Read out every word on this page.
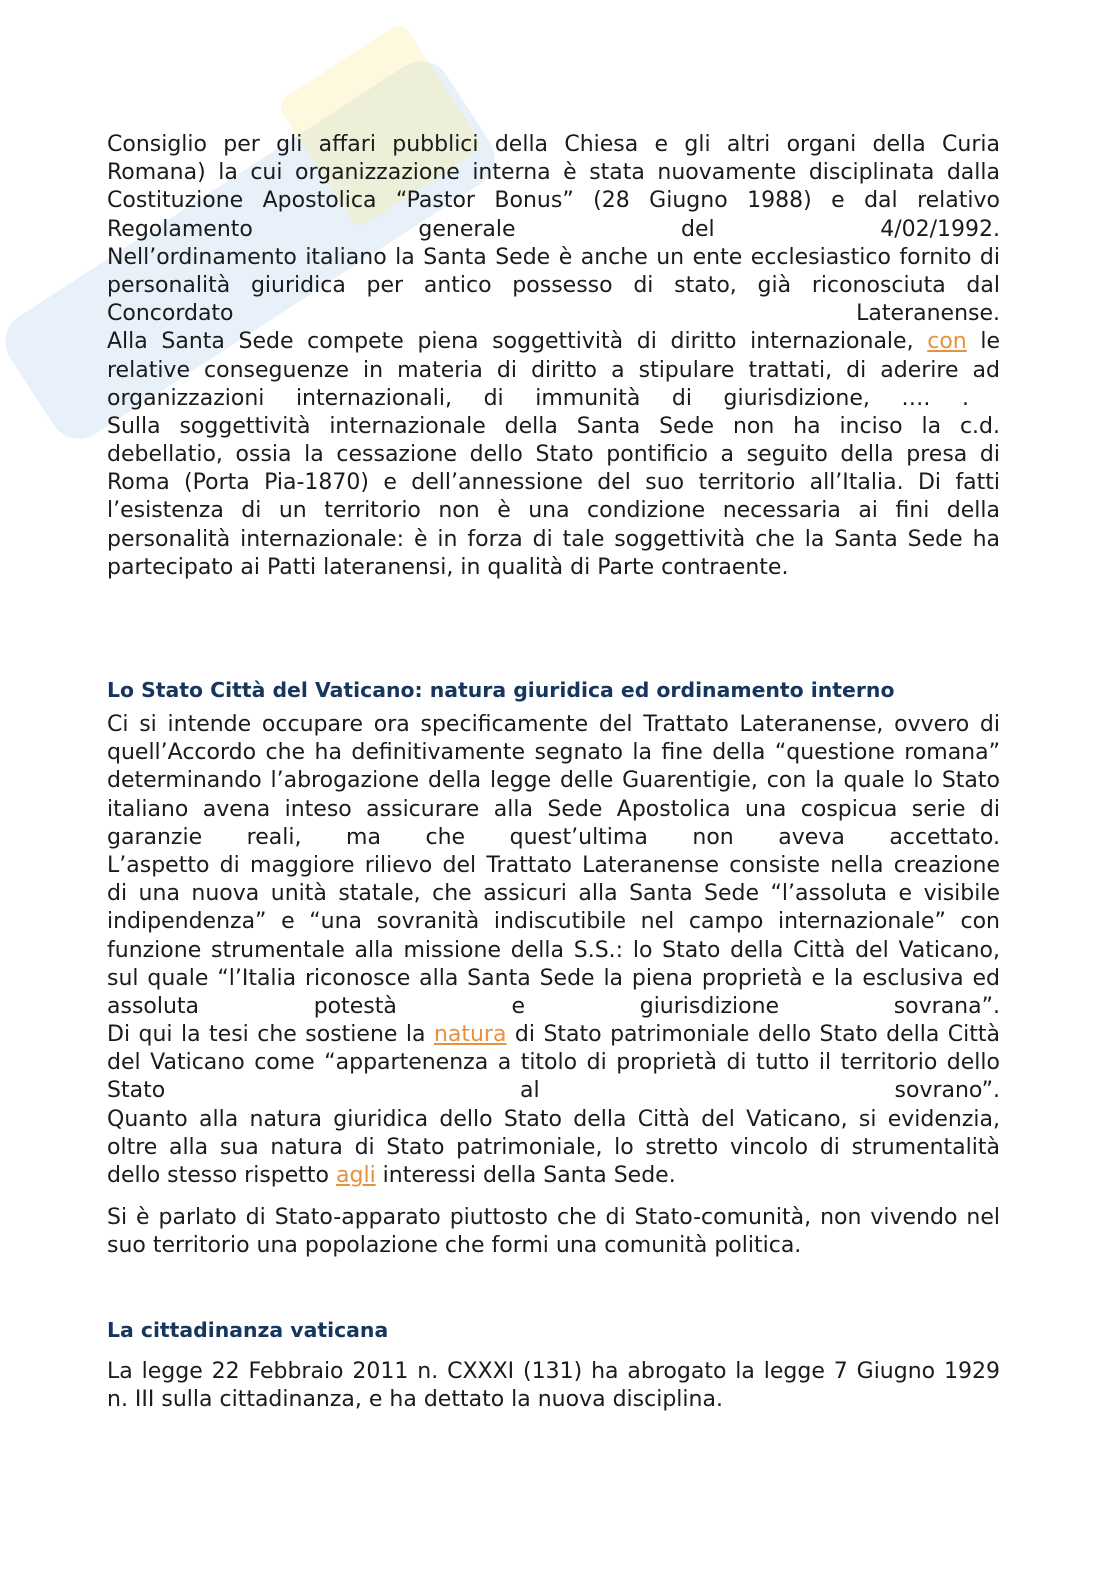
Consiglio per gli affari pubblici della Chiesa e gli altri organi della Curia
Romana) la cui organizzazione interna è stata nuovamente disciplinata dalla
Costituzione Apostolica “Pastor Bonus” (28 Giugno 1988) e dal relativo
Regolamento generale del 4/02/1992.
Nell’ordinamento italiano la Santa Sede è anche un ente ecclesiastico fornito di
personalità giuridica per antico possesso di stato, già riconosciuta dal
Concordato Lateranense.
Alla Santa Sede compete piena soggettività di diritto internazionale, con le
relative conseguenze in materia di diritto a stipulare trattati, di aderire ad
organizzazioni internazionali, di immunità di giurisdizione, …. .
Sulla soggettività internazionale della Santa Sede non ha inciso la c.d.
debellatio, ossia la cessazione dello Stato pontificio a seguito della presa di
Roma (Porta Pia-1870) e dell’annessione del suo territorio all’Italia. Di fatti
l’esistenza di un territorio non è una condizione necessaria ai fini della
personalità internazionale: è in forza di tale soggettività che la Santa Sede ha
partecipato ai Patti lateranensi, in qualità di Parte contraente.
Lo Stato Città del Vaticano: natura giuridica ed ordinamento interno
Ci si intende occupare ora specificamente del Trattato Lateranense, ovvero di
quell’Accordo che ha definitivamente segnato la fine della “questione romana”
determinando l’abrogazione della legge delle Guarentigie, con la quale lo Stato
italiano avena inteso assicurare alla Sede Apostolica una cospicua serie di
garanzie reali, ma che quest’ultima non aveva accettato.
L’aspetto di maggiore rilievo del Trattato Lateranense consiste nella creazione
di una nuova unità statale, che assicuri alla Santa Sede “l’assoluta e visibile
indipendenza” e “una sovranità indiscutibile nel campo internazionale” con
funzione strumentale alla missione della S.S.: lo Stato della Città del Vaticano,
sul quale “l’Italia riconosce alla Santa Sede la piena proprietà e la esclusiva ed
assoluta potestà e giurisdizione sovrana”.
Di qui la tesi che sostiene la natura di Stato patrimoniale dello Stato della Città
del Vaticano come “appartenenza a titolo di proprietà di tutto il territorio dello
Stato al sovrano”.
Quanto alla natura giuridica dello Stato della Città del Vaticano, si evidenzia,
oltre alla sua natura di Stato patrimoniale, lo stretto vincolo di strumentalità
dello stesso rispetto agli interessi della Santa Sede.
Si è parlato di Stato-apparato piuttosto che di Stato-comunità, non vivendo nel
suo territorio una popolazione che formi una comunità politica.
La cittadinanza vaticana
La legge 22 Febbraio 2011 n. CXXXI (131) ha abrogato la legge 7 Giugno 1929
n. III sulla cittadinanza, e ha dettato la nuova disciplina.
